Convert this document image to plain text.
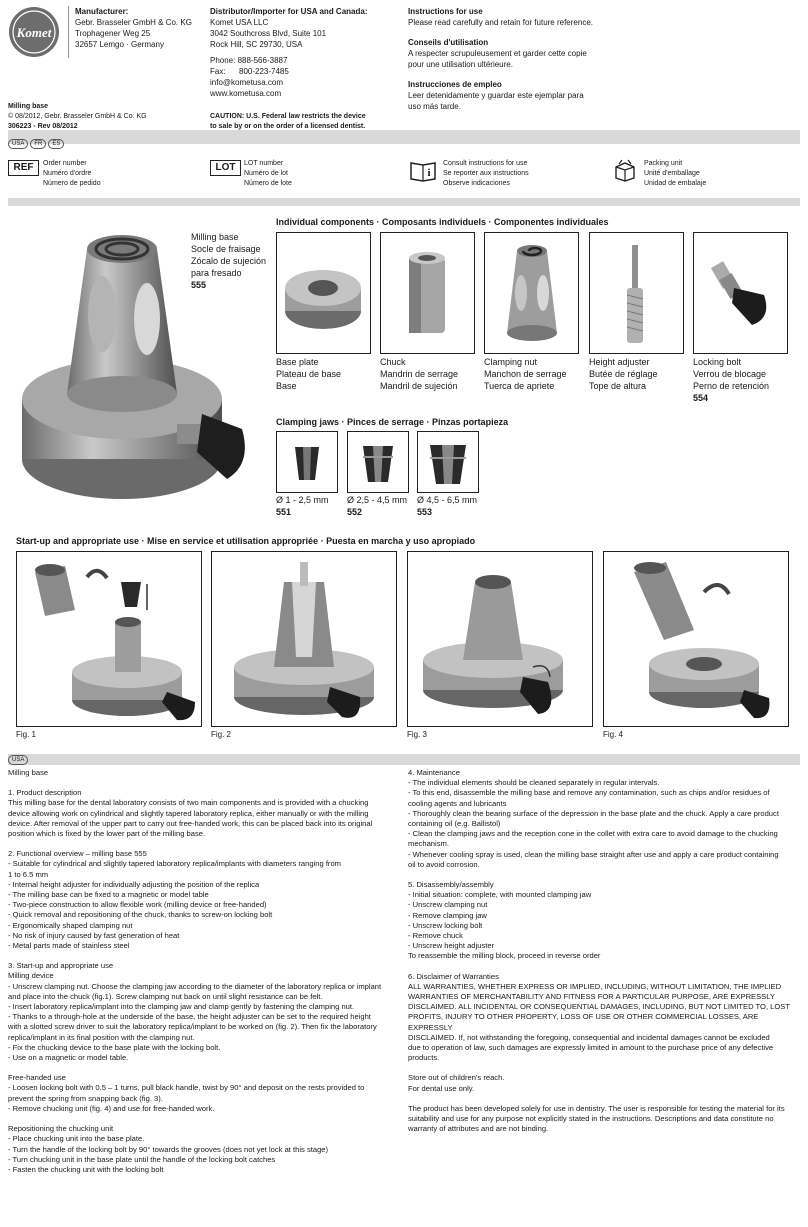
Komet
Manufacturer:
Gebr. Brasseler GmbH & Co. KG
Trophagener Weg 25
32657 Lemgo · Germany
Distributor/Importer for USA and Canada:
Komet USA LLC
3042 Southcross Blvd, Suite 101
Rock Hill, SC 29730, USA
Phone: 888-566-3887
Fax: 800-223-7485
info@kometusa.com
www.kometusa.com
Instructions for use
Please read carefully and retain for future reference.
Conseils d'utilisation
A respecter scrupuleusement et garder cette copie
pour une utilisation ultérieure.
Instrucciones de empleo
Leer detenidamente y guardar este ejemplar para
uso más tarde.
Milling base
© 08/2012, Gebr. Brasseler GmbH & Co. KG
306223 - Rev 08/2012
CAUTION: U.S. Federal law restricts the device
to sale by or on the order of a licensed dentist.
USA FR ES
REF	Order number
Numéro d'ordre
Número de pedido
LOT	LOT number
Numéro de lot
Número de lote
i
Consult instructions for use
Se reporter aux instructions
Observe indicaciones
Packing unit
Unité d'emballage
Unidad de embalaje
Milling base
Socle de fraisage
Zócalo de sujeción
para fresado
555
Individual components · Composants individuels · Componentes individuales
Base plate
Plateau de base
Base
Chuck
Mandrin de serrage
Mandril de sujeción
Clamping nut
Manchon de serrage
Tuerca de apriete
Height adjuster
Butée de réglage
Tope de altura
Locking bolt
Verrou de blocage
Perno de retención
554
Clamping jaws · Pinces de serrage · Pinzas portapieza
Ø 1 - 2,5 mm
551
Ø 2,5 - 4,5 mm
552
Ø 4,5 - 6,5 mm
553
Start-up and appropriate use · Mise en service et utilisation appropriée · Puesta en marcha y uso apropiado
Fig. 1	Fig. 2	Fig. 3	Fig. 4
USA
Milling base
1. Product description
This milling base for the dental laboratory consists of two main components and is provided with a chucking
device allowing work on cylindrical and slightly tapered laboratory replica, either manually or with the milling
device. After removal of the upper part to carry out free-handed work, this can be placed back into its original
position which is fixed by the lower part of the milling base.
2. Functional overview – milling base 555
- Suitable for cylindrical and slightly tapered laboratory replica/implants with diameters ranging from
1 to 6.5 mm
- Internal height adjuster for individually adjusting the position of the replica
- The milling base can be fixed to a magnetic or model table
- Two-piece construction to allow flexible work (milling device or free-handed)
- Quick removal and repositioning of the chuck, thanks to screw-on locking bolt
- Ergonomically shaped clamping nut
- No risk of injury caused by fast generation of heat
- Metal parts made of stainless steel
3. Start-up and appropriate use
Milling device
- Unscrew clamping nut. Choose the clamping jaw according to the diameter of the laboratory replica or implant
and place into the chuck (fig.1). Screw clamping nut back on until slight resistance can be felt.
- Insert laboratory replica/implant into the clamping jaw and clamp gently by fastening the clamping nut.
- Thanks to a through-hole at the underside of the base, the height adjuster can be set to the required height
with a slotted screw driver to suit the laboratory replica/implant to be worked on (fig. 2). Then fix the laboratory
replica/implant in its final position with the clamping nut.
- Fix the chucking device to the base plate with the locking bolt.
- Use on a magnetic or model table.
Free-handed use
- Loosen locking bolt with 0.5 – 1 turns, pull black handle, twist by 90° and deposit on the rests provided to
prevent the spring from snapping back (fig. 3).
- Remove chucking unit (fig. 4) and use for free-handed work.
Repositioning the chucking unit
- Place chucking unit into the base plate.
- Turn the handle of the locking bolt by 90° towards the grooves (does not yet lock at this stage)
- Turn chucking unit in the base plate until the handle of the locking bolt catches
- Fasten the chucking unit with the locking bolt
4. Maintenance
- The individual elements should be cleaned separately in regular intervals.
- To this end, disassemble the milling base and remove any contamination, such as chips and/or residues of
cooling agents and lubricants
- Thoroughly clean the bearing surface of the depression in the base plate and the chuck. Apply a care product
containing oil (e.g. Ballistol)
- Clean the clamping jaws and the reception cone in the collet with extra care to avoid damage to the chucking
mechanism.
- Whenever cooling spray is used, clean the milling base straight after use and apply a care product containing
oil to avoid corrosion.
5. Disassembly/assembly
- Initial situation: complete, with mounted clamping jaw
- Unscrew clamping nut
- Remove clamping jaw
- Unscrew locking bolt
- Remove chuck
- Unscrew height adjuster
To reassemble the milling block, proceed in reverse order
6. Disclaimer of Warranties
ALL WARRANTIES, WHETHER EXPRESS OR IMPLIED, INCLUDING, WITHOUT LIMITATION, THE IMPLIED
WARRANTIES OF MERCHANTABILITY AND FITNESS FOR A PARTICULAR PURPOSE, ARE EXPRESSLY
DISCLAIMED. ALL INCIDENTAL OR CONSEQUENTIAL DAMAGES, INCLUDING, BUT NOT LIMITED TO, LOST
PROFITS, INJURY TO OTHER PROPERTY, LOSS OF USE OR OTHER COMMERCIAL LOSSES, ARE EXPRESSLY
DISCLAIMED. If, not withstanding the foregoing, consequential and incidental damages cannot be excluded
due to operation of law, such damages are expressly limited in amount to the purchase price of any defective
products.
Store out of children's reach.
For dental use only.
The product has been developed solely for use in dentistry. The user is responsible for testing the material for its
suitability and use for any purpose not explicitly stated in the instructions. Descriptions and data constitute no
warranty of attributes and are not binding.
